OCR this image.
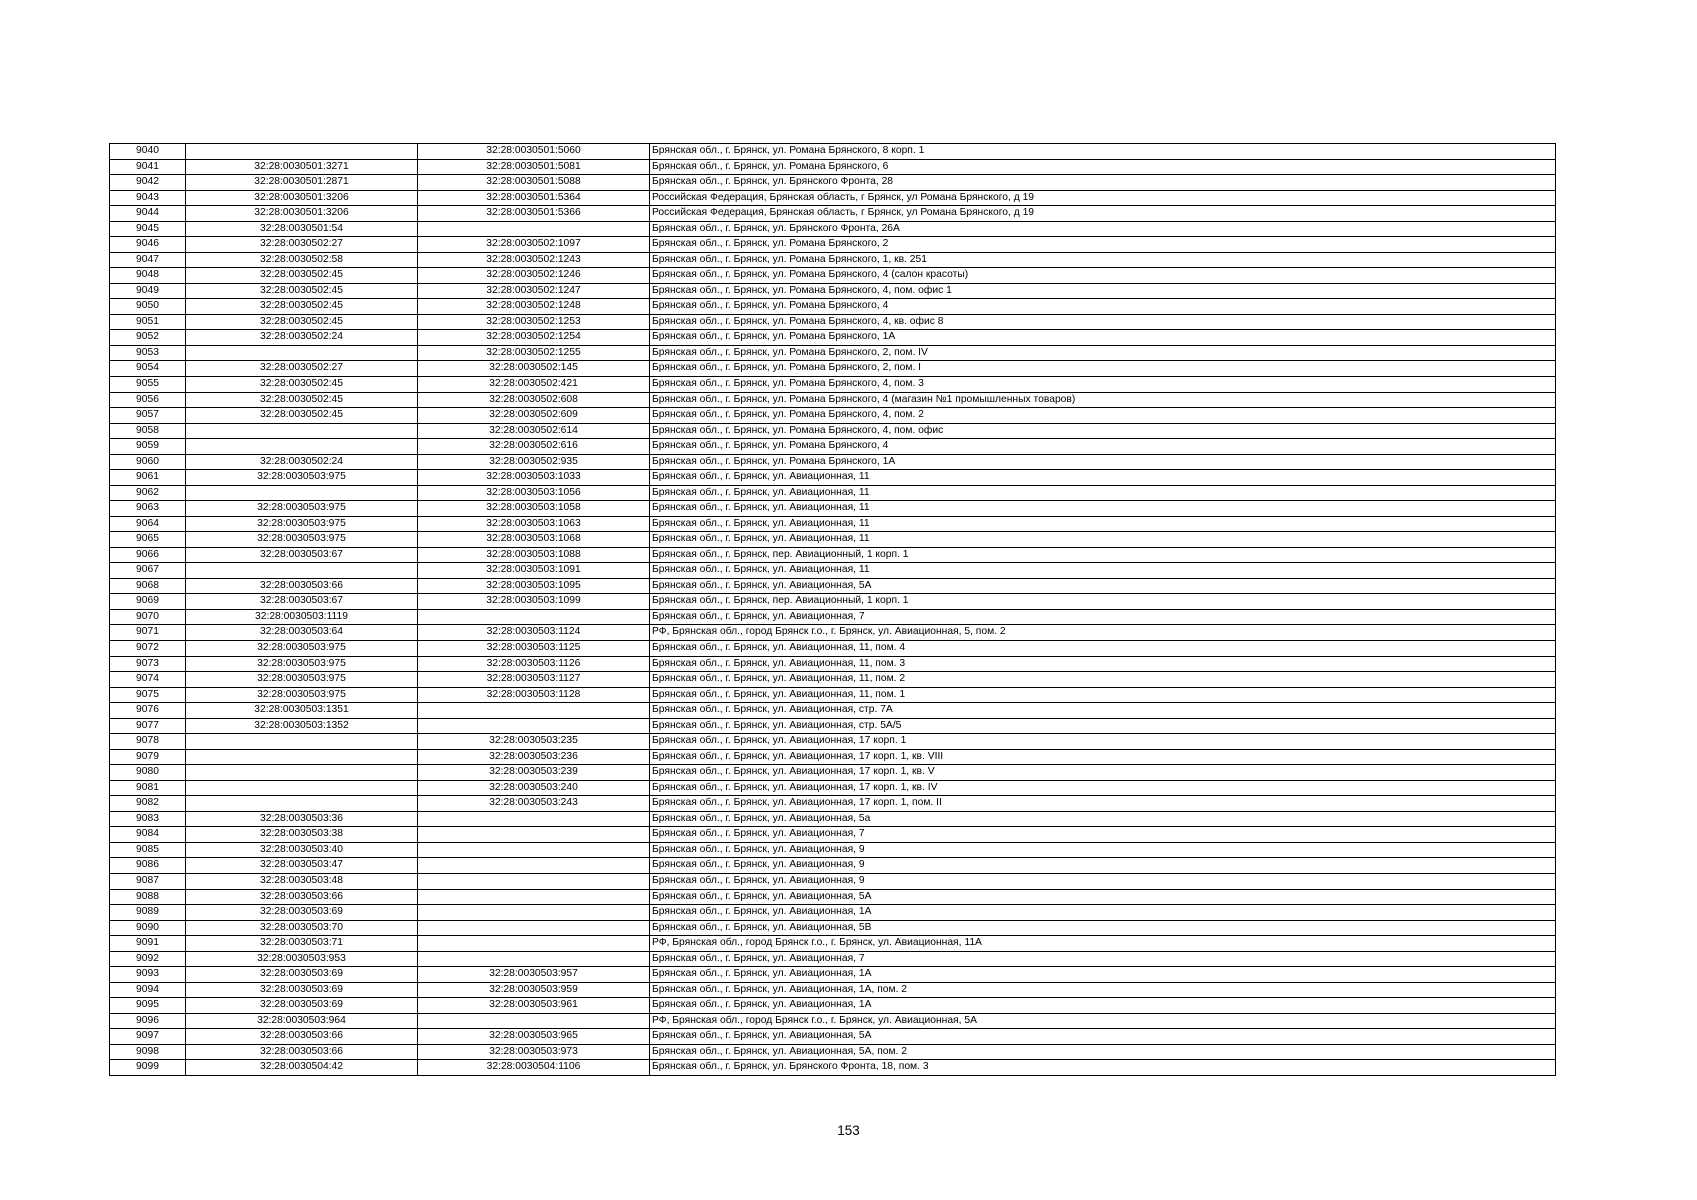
9040		32:28:0030501:5060	Брянская обл., г. Брянск, ул. Романа Брянского, 8 корп. 1
9041	32:28:0030501:3271	32:28:0030501:5081	Брянская обл., г. Брянск, ул. Романа Брянского, 6
9042	32:28:0030501:2871	32:28:0030501:5088	Брянская обл., г. Брянск, ул. Брянского Фронта, 28
9043	32:28:0030501:3206	32:28:0030501:5364	Российская Федерация, Брянская область, г Брянск, ул Романа Брянского, д 19
9044	32:28:0030501:3206	32:28:0030501:5366	Российская Федерация, Брянская область, г Брянск, ул Романа Брянского, д 19
9045	32:28:0030501:54		Брянская обл., г. Брянск, ул. Брянского Фронта, 26А
9046	32:28:0030502:27	32:28:0030502:1097	Брянская обл., г. Брянск, ул. Романа Брянского, 2
9047	32:28:0030502:58	32:28:0030502:1243	Брянская обл., г. Брянск, ул. Романа Брянского, 1, кв. 251
9048	32:28:0030502:45	32:28:0030502:1246	Брянская обл., г. Брянск, ул. Романа Брянского, 4 (салон красоты)
9049	32:28:0030502:45	32:28:0030502:1247	Брянская обл., г. Брянск, ул. Романа Брянского, 4, пом. офис 1
9050	32:28:0030502:45	32:28:0030502:1248	Брянская обл., г. Брянск, ул. Романа Брянского, 4
9051	32:28:0030502:45	32:28:0030502:1253	Брянская обл., г. Брянск, ул. Романа Брянского, 4, кв. офис 8
9052	32:28:0030502:24	32:28:0030502:1254	Брянская обл., г. Брянск, ул. Романа Брянского, 1А
9053		32:28:0030502:1255	Брянская обл., г. Брянск, ул. Романа Брянского, 2, пом. IV
9054	32:28:0030502:27	32:28:0030502:145	Брянская обл., г. Брянск, ул. Романа Брянского, 2, пом. I
9055	32:28:0030502:45	32:28:0030502:421	Брянская обл., г. Брянск, ул. Романа Брянского, 4, пом. 3
9056	32:28:0030502:45	32:28:0030502:608	Брянская обл., г. Брянск, ул. Романа Брянского, 4 (магазин №1 промышленных товаров)
9057	32:28:0030502:45	32:28:0030502:609	Брянская обл., г. Брянск, ул. Романа Брянского, 4, пом. 2
9058		32:28:0030502:614	Брянская обл., г. Брянск, ул. Романа Брянского, 4, пом. офис
9059		32:28:0030502:616	Брянская обл., г. Брянск, ул. Романа Брянского, 4
9060	32:28:0030502:24	32:28:0030502:935	Брянская обл., г. Брянск, ул. Романа Брянского, 1А
9061	32:28:0030503:975	32:28:0030503:1033	Брянская обл., г. Брянск, ул. Авиационная, 11
9062		32:28:0030503:1056	Брянская обл., г. Брянск, ул. Авиационная, 11
9063	32:28:0030503:975	32:28:0030503:1058	Брянская обл., г. Брянск, ул. Авиационная, 11
9064	32:28:0030503:975	32:28:0030503:1063	Брянская обл., г. Брянск, ул. Авиационная, 11
9065	32:28:0030503:975	32:28:0030503:1068	Брянская обл., г. Брянск, ул. Авиационная, 11
9066	32:28:0030503:67	32:28:0030503:1088	Брянская обл., г. Брянск, пер. Авиационный, 1 корп. 1
9067		32:28:0030503:1091	Брянская обл., г. Брянск, ул. Авиационная, 11
9068	32:28:0030503:66	32:28:0030503:1095	Брянская обл., г. Брянск, ул. Авиационная, 5А
9069	32:28:0030503:67	32:28:0030503:1099	Брянская обл., г. Брянск, пер. Авиационный, 1 корп. 1
9070	32:28:0030503:1119		Брянская обл., г. Брянск, ул. Авиационная, 7
9071	32:28:0030503:64	32:28:0030503:1124	РФ, Брянская обл., город Брянск г.о., г. Брянск, ул. Авиационная, 5, пом. 2
9072	32:28:0030503:975	32:28:0030503:1125	Брянская обл., г. Брянск, ул. Авиационная, 11, пом. 4
9073	32:28:0030503:975	32:28:0030503:1126	Брянская обл., г. Брянск, ул. Авиационная, 11, пом. 3
9074	32:28:0030503:975	32:28:0030503:1127	Брянская обл., г. Брянск, ул. Авиационная, 11, пом. 2
9075	32:28:0030503:975	32:28:0030503:1128	Брянская обл., г. Брянск, ул. Авиационная, 11, пом. 1
9076	32:28:0030503:1351		Брянская обл., г. Брянск, ул. Авиационная, стр. 7А
9077	32:28:0030503:1352		Брянская обл., г. Брянск, ул. Авиационная, стр. 5А/5
9078		32:28:0030503:235	Брянская обл., г. Брянск, ул. Авиационная, 17 корп. 1
9079		32:28:0030503:236	Брянская обл., г. Брянск, ул. Авиационная, 17 корп. 1, кв. VIII
9080		32:28:0030503:239	Брянская обл., г. Брянск, ул. Авиационная, 17 корп. 1, кв. V
9081		32:28:0030503:240	Брянская обл., г. Брянск, ул. Авиационная, 17 корп. 1, кв. IV
9082		32:28:0030503:243	Брянская обл., г. Брянск, ул. Авиационная, 17 корп. 1, пом. II
9083	32:28:0030503:36		Брянская обл., г. Брянск, ул. Авиационная, 5а
9084	32:28:0030503:38		Брянская обл., г. Брянск, ул. Авиационная, 7
9085	32:28:0030503:40		Брянская обл., г. Брянск, ул. Авиационная, 9
9086	32:28:0030503:47		Брянская обл., г. Брянск, ул. Авиационная, 9
9087	32:28:0030503:48		Брянская обл., г. Брянск, ул. Авиационная, 9
9088	32:28:0030503:66		Брянская обл., г. Брянск, ул. Авиационная, 5А
9089	32:28:0030503:69		Брянская обл., г. Брянск, ул. Авиационная, 1А
9090	32:28:0030503:70		Брянская обл., г. Брянск, ул. Авиационная, 5В
9091	32:28:0030503:71		РФ, Брянская обл., город Брянск г.о., г. Брянск, ул. Авиационная, 11А
9092	32:28:0030503:953		Брянская обл., г. Брянск, ул. Авиационная, 7
9093	32:28:0030503:69	32:28:0030503:957	Брянская обл., г. Брянск, ул. Авиационная, 1А
9094	32:28:0030503:69	32:28:0030503:959	Брянская обл., г. Брянск, ул. Авиационная, 1А, пом. 2
9095	32:28:0030503:69	32:28:0030503:961	Брянская обл., г. Брянск, ул. Авиационная, 1А
9096	32:28:0030503:964		РФ, Брянская обл., город Брянск г.о., г. Брянск, ул. Авиационная, 5А
9097	32:28:0030503:66	32:28:0030503:965	Брянская обл., г. Брянск, ул. Авиационная, 5А
9098	32:28:0030503:66	32:28:0030503:973	Брянская обл., г. Брянск, ул. Авиационная, 5А, пом. 2
9099	32:28:0030504:42	32:28:0030504:1106	Брянская обл., г. Брянск, ул. Брянского Фронта, 18, пом. 3
153
